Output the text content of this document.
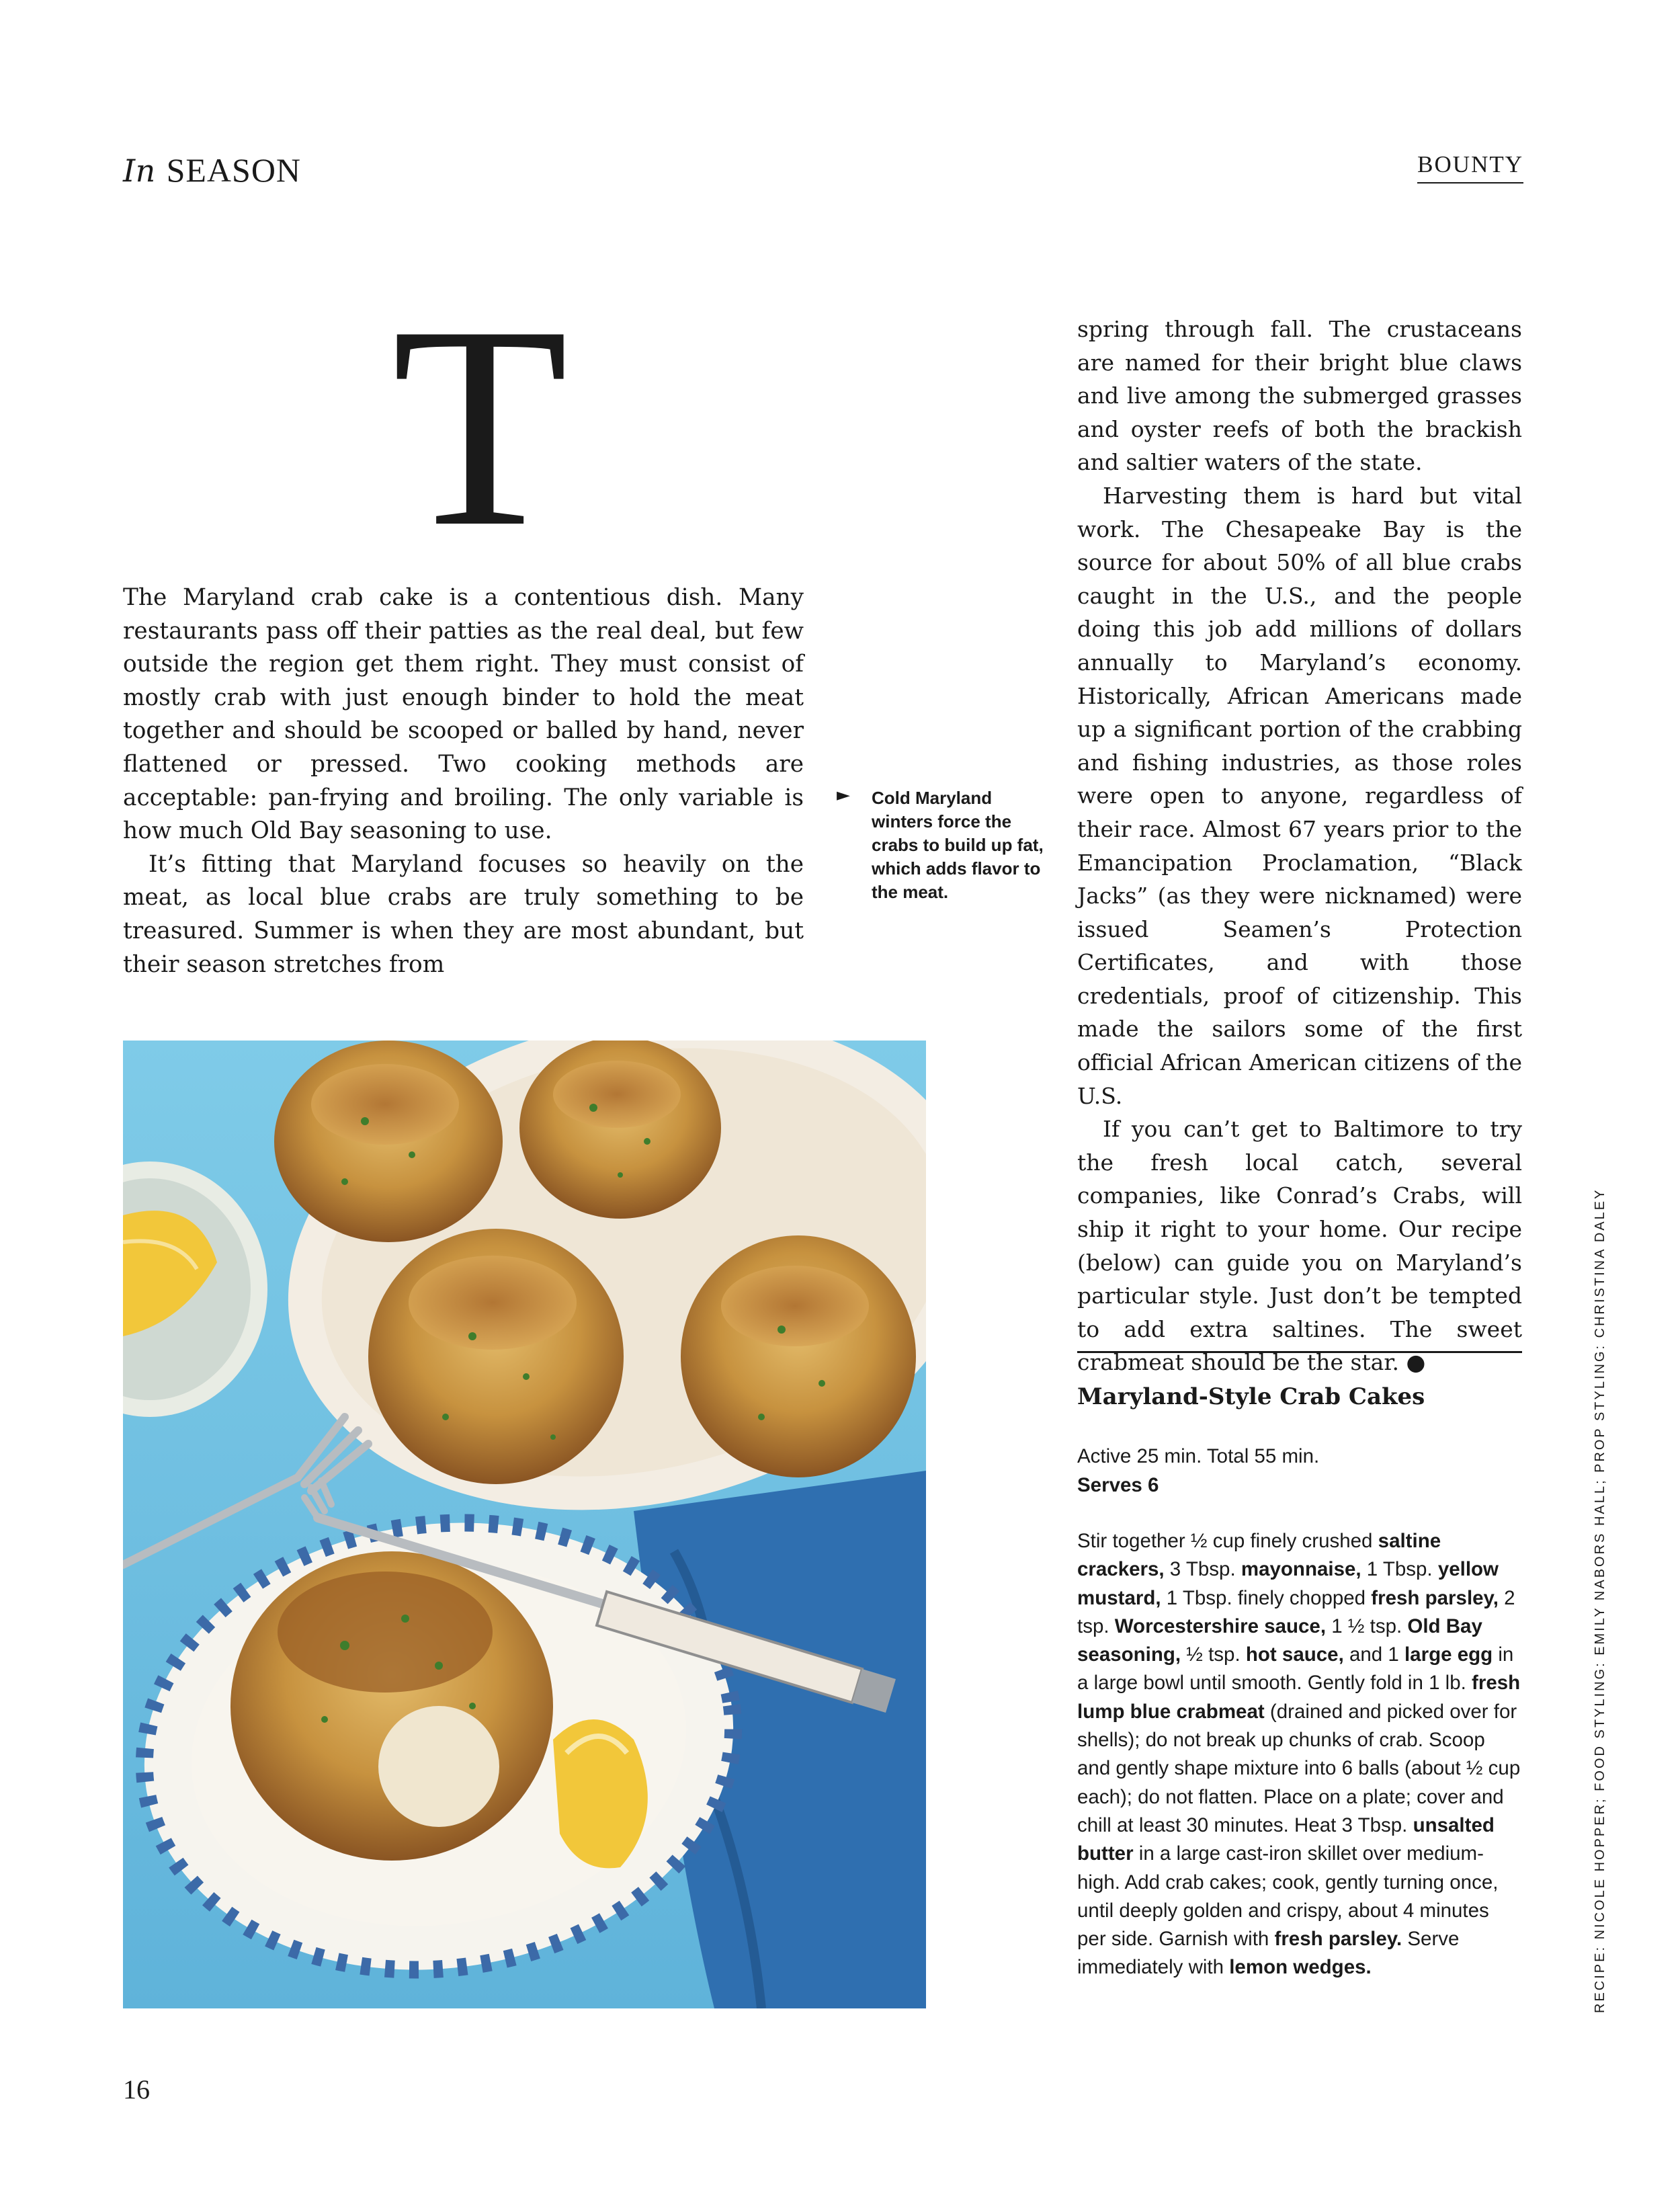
In SEASON	BOUNTY
T

The Maryland crab cake is a contentious dish. Many restaurants pass off their patties as the real deal, but few outside the region get them right. They must consist of mostly crab with just enough binder to hold the meat together and should be scooped or balled by hand, never flattened or pressed. Two cooking methods are acceptable: pan-frying and broiling. The only variable is how much Old Bay seasoning to use.

It’s fitting that Maryland focuses so heavily on the meat, as local blue crabs are truly something to be treasured. Summer is when they are most abundant, but their season stretches from

► Cold Maryland winters force the crabs to build up fat, which adds flavor to the meat.

spring through fall. The crustaceans are named for their bright blue claws and live among the submerged grasses and oyster reefs of both the brackish and saltier waters of the state.

Harvesting them is hard but vital work. The Chesapeake Bay is the source for about 50% of all blue crabs caught in the U.S., and the people doing this job add millions of dollars annually to Maryland’s economy. Historically, African Americans made up a significant portion of the crabbing and fishing industries, as those roles were open to anyone, regardless of their race. Almost 67 years prior to the Emancipation Proclamation, “Black Jacks” (as they were nicknamed) were issued Seamen’s Protection Certificates, and with those credentials, proof of citizenship. This made the sailors some of the first official African American citizens of the U.S.

If you can’t get to Baltimore to try the fresh local catch, several companies, like Conrad’s Crabs, will ship it right to your home. Our recipe (below) can guide you on Maryland’s particular style. Just don’t be tempted to add extra saltines. The sweet crabmeat should be the star. ●

Maryland-Style Crab Cakes
Active 25 min. Total 55 min.
Serves 6
Stir together ½ cup finely crushed saltine crackers, 3 Tbsp. mayonnaise, 1 Tbsp. yellow mustard, 1 Tbsp. finely chopped fresh parsley, 2 tsp. Worcestershire sauce, 1 ½ tsp. Old Bay seasoning, ½ tsp. hot sauce, and 1 large egg in a large bowl until smooth. Gently fold in 1 lb. fresh lump blue crabmeat (drained and picked over for shells); do not break up chunks of crab. Scoop and gently shape mixture into 6 balls (about ½ cup each); do not flatten. Place on a plate; cover and chill at least 30 minutes. Heat 3 Tbsp. unsalted butter in a large cast-iron skillet over medium-high. Add crab cakes; cook, gently turning once, until deeply golden and crispy, about 4 minutes per side. Garnish with fresh parsley. Serve immediately with lemon wedges.	RECIPE: NICOLE HOPPER; FOOD STYLING: EMILY NABORS HALL; PROP STYLING: CHRISTINA DALEY
16
